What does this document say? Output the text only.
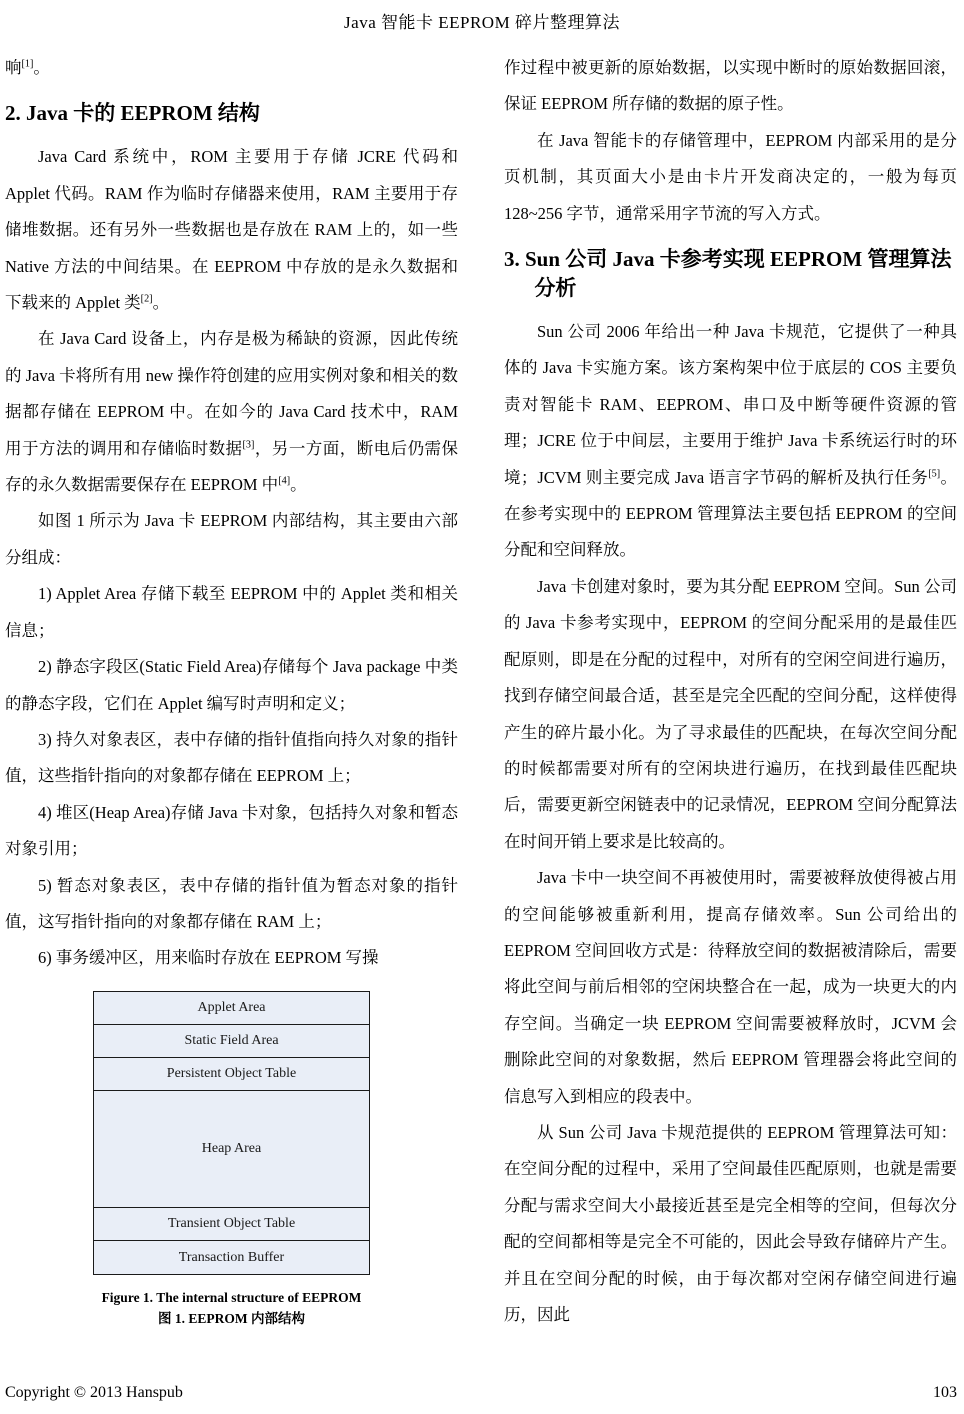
Java 智能卡 EEPROM 碎片整理算法

响[1]。

2. Java 卡的 EEPROM 结构

Java Card 系统中，ROM 主要用于存储 JCRE 代码和 Applet 代码。RAM 作为临时存储器来使用，RAM 主要用于存储堆数据。还有另外一些数据也是存放在 RAM 上的，如一些 Native 方法的中间结果。在 EEPROM 中存放的是永久数据和下载来的 Applet 类[2]。

在 Java Card 设备上，内存是极为稀缺的资源，因此传统的 Java 卡将所有用 new 操作符创建的应用实例对象和相关的数据都存储在 EEPROM 中。在如今的 Java Card 技术中，RAM 用于方法的调用和存储临时数据[3]，另一方面，断电后仍需保存的永久数据需要保存在 EEPROM 中[4]。

如图 1 所示为 Java 卡 EEPROM 内部结构，其主要由六部分组成：

1) Applet Area 存储下载至 EEPROM 中的 Applet 类和相关信息；

2) 静态字段区(Static Field Area)存储每个 Java package 中类的静态字段，它们在 Applet 编写时声明和定义；

3) 持久对象表区，表中存储的指针值指向持久对象的指针值，这些指针指向的对象都存储在 EEPROM 上；

4) 堆区(Heap Area)存储 Java 卡对象，包括持久对象和暂态对象引用；

5) 暂态对象表区，表中存储的指针值为暂态对象的指针值，这写指针指向的对象都存储在 RAM 上；

6) 事务缓冲区，用来临时存放在 EEPROM 写操

Applet Area
Static Field Area
Persistent Object Table
Heap Area
Transient Object Table
Transaction Buffer
Figure 1. The internal structure of EEPROM
图 1. EEPROM 内部结构

作过程中被更新的原始数据，以实现中断时的原始数据回滚，保证 EEPROM 所存储的数据的原子性。

在 Java 智能卡的存储管理中，EEPROM 内部采用的是分页机制，其页面大小是由卡片开发商决定的，一般为每页 128~256 字节，通常采用字节流的写入方式。

3. Sun 公司 Java 卡参考实现 EEPROM 管理算法分析

Sun 公司 2006 年给出一种 Java 卡规范，它提供了一种具体的 Java 卡实施方案。该方案构架中位于底层的 COS 主要负责对智能卡 RAM、EEPROM、串口及中断等硬件资源的管理；JCRE 位于中间层，主要用于维护 Java 卡系统运行时的环境；JCVM 则主要完成 Java 语言字节码的解析及执行任务[5]。在参考实现中的 EEPROM 管理算法主要包括 EEPROM 的空间分配和空间释放。

Java 卡创建对象时，要为其分配 EEPROM 空间。Sun 公司的 Java 卡参考实现中，EEPROM 的空间分配采用的是最佳匹配原则，即是在分配的过程中，对所有的空闲空间进行遍历，找到存储空间最合适，甚至是完全匹配的空间分配，这样使得产生的碎片最小化。为了寻求最佳的匹配块，在每次空间分配的时候都需要对所有的空闲块进行遍历，在找到最佳匹配块后，需要更新空闲链表中的记录情况，EEPROM 空间分配算法在时间开销上要求是比较高的。

Java 卡中一块空间不再被使用时，需要被释放使得被占用的空间能够被重新利用，提高存储效率。Sun 公司给出的 EEPROM 空间回收方式是：待释放空间的数据被清除后，需要将此空间与前后相邻的空闲块整合在一起，成为一块更大的内存空间。当确定一块 EEPROM 空间需要被释放时，JCVM 会删除此空间的对象数据，然后 EEPROM 管理器会将此空间的信息写入到相应的段表中。

从 Sun 公司 Java 卡规范提供的 EEPROM 管理算法可知：在空间分配的过程中，采用了空间最佳匹配原则，也就是需要分配与需求空间大小最接近甚至是完全相等的空间，但每次分配的空间都相等是完全不可能的，因此会导致存储碎片产生。并且在空间分配的时候，由于每次都对空闲存储空间进行遍历，因此

Copyright © 2013 Hanspub	103
